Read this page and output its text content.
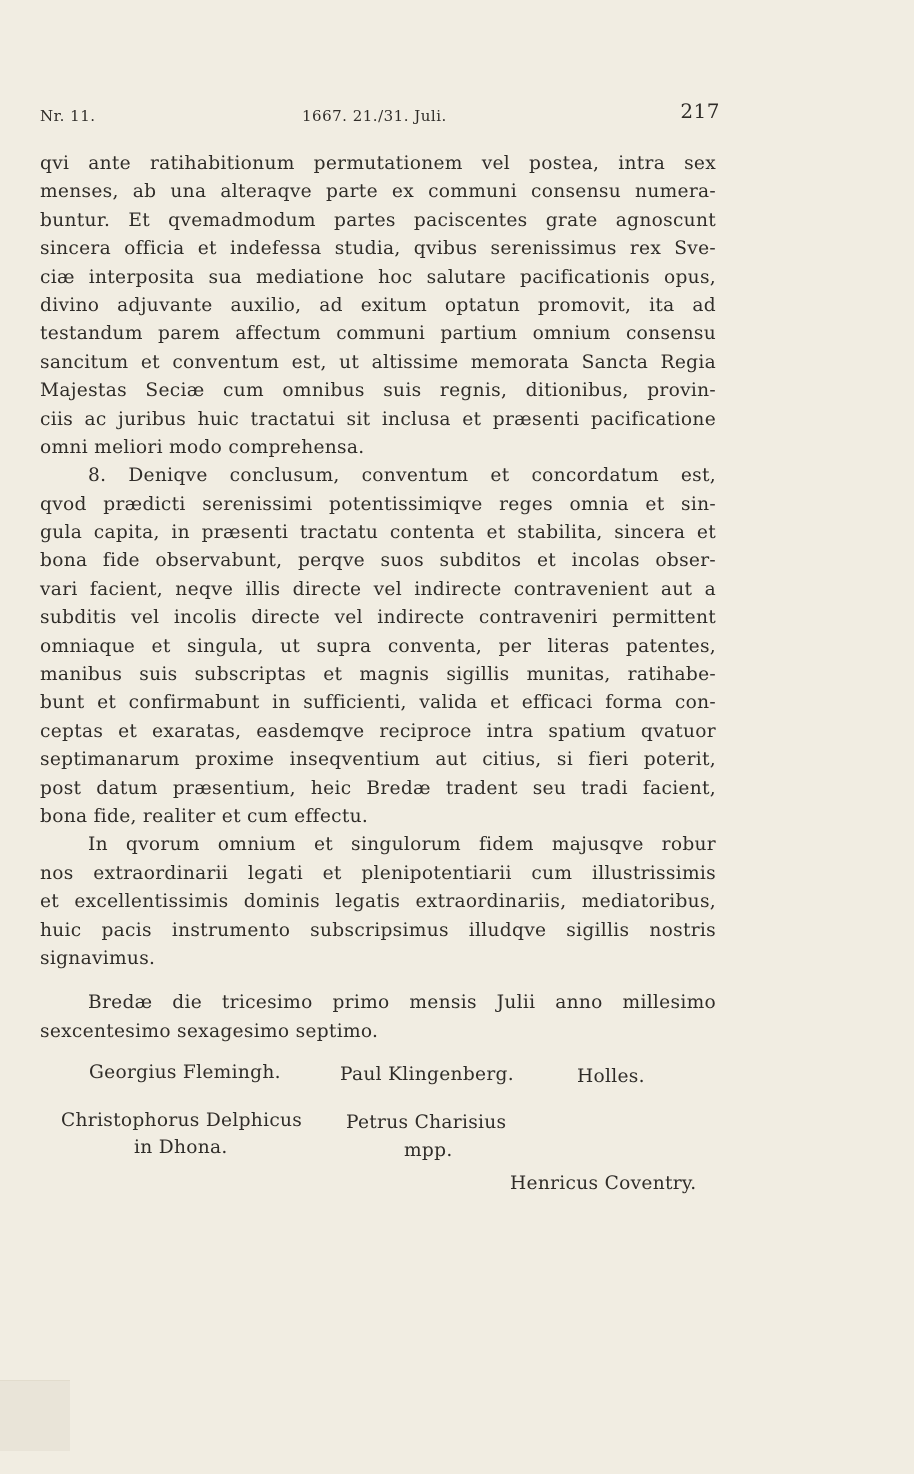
Nr. 11.	1667. 21./31. Juli.	217
qvi ante ratihabitionum permutationem vel postea, intra sex
menses, ab una alteraqve parte ex communi consensu numera-
buntur. Et qvemadmodum partes paciscentes grate agnoscunt
sincera officia et indefessa studia, qvibus serenissimus rex Sve-
ciæ interposita sua mediatione hoc salutare pacificationis opus,
divino adjuvante auxilio, ad exitum optatun promovit, ita ad
testandum parem affectum communi partium omnium consensu
sancitum et conventum est, ut altissime memorata Sancta Regia
Majestas Seciæ cum omnibus suis regnis, ditionibus, provin-
ciis ac juribus huic tractatui sit inclusa et præsenti pacificatione
omni meliori modo comprehensa.
8. Deniqve conclusum, conventum et concordatum est,
qvod prædicti serenissimi potentissimiqve reges omnia et sin-
gula capita, in præsenti tractatu contenta et stabilita, sincera et
bona fide observabunt, perqve suos subditos et incolas obser-
vari facient, neqve illis directe vel indirecte contravenient aut a
subditis vel incolis directe vel indirecte contraveniri permittent
omniaque et singula, ut supra conventa, per literas patentes,
manibus suis subscriptas et magnis sigillis munitas, ratihabe-
bunt et confirmabunt in sufficienti, valida et efficaci forma con-
ceptas et exaratas, easdemqve reciproce intra spatium qvatuor
septimanarum proxime inseqventium aut citius, si fieri poterit,
post datum præsentium, heic Bredæ tradent seu tradi facient,
bona fide, realiter et cum effectu.
In qvorum omnium et singulorum fidem majusqve robur
nos extraordinarii legati et plenipotentiarii cum illustrissimis
et excellentissimis dominis legatis extraordinariis, mediatoribus,
huic pacis instrumento subscripsimus illudqve sigillis nostris
signavimus.
Bredæ die tricesimo primo mensis Julii anno millesimo
sexcentesimo sexagesimo septimo.
Georgius Flemingh.	Paul Klingenberg.	Holles.
Christophorus Delphicus
in Dhona.
Petrus Charisius
mpp.
Henricus Coventry.
